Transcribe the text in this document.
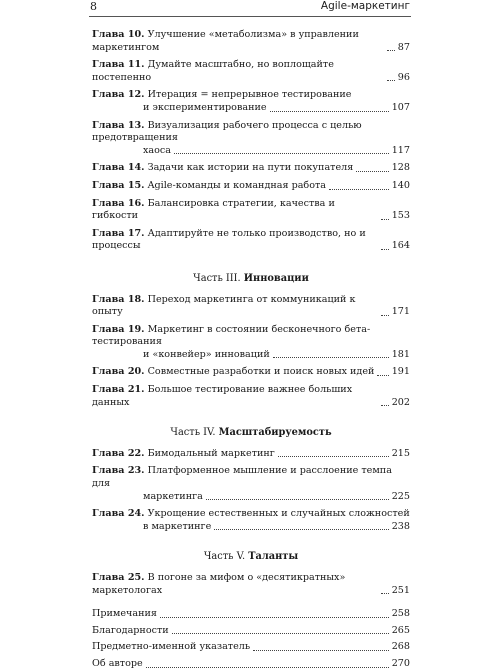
8	Agile-маркетинг
Глава 10. Улучшение «метаболизма» в управлении маркетингом	87
Глава 11. Думайте масштабно, но воплощайте постепенно	96
Глава 12. Итерация = непрерывное тестирование
и экспериментирование	107
Глава 13. Визуализация рабочего процесса с целью предотвращения
хаоса	117
Глава 14. Задачи как истории на пути покупателя	128
Глава 15. Agile-команды и командная работа	140
Глава 16. Балансировка стратегии, качества и гибкости	153
Глава 17. Адаптируйте не только производство, но и процессы	164
Часть III. Инновации
Глава 18. Переход маркетинга от коммуникаций к опыту	171
Глава 19. Маркетинг в состоянии бесконечного бета-тестирования
и «конвейер» инноваций	181
Глава 20. Совместные разработки и поиск новых идей 191
Глава 21. Большое тестирование важнее больших данных	202
Часть IV. Масштабируемость
Глава 22. Бимодальный маркетинг	215
Глава 23. Платформенное мышление и расслоение темпа для
маркетинга	225
Глава 24. Укрощение естественных и случайных сложностей
в маркетинге	238
Часть V. Таланты
Глава 25. В погоне за мифом о «десятикратных» маркетологах	251
Примечания	258
Благодарности	265
Предметно-именной указатель	268
Об авторе	270
